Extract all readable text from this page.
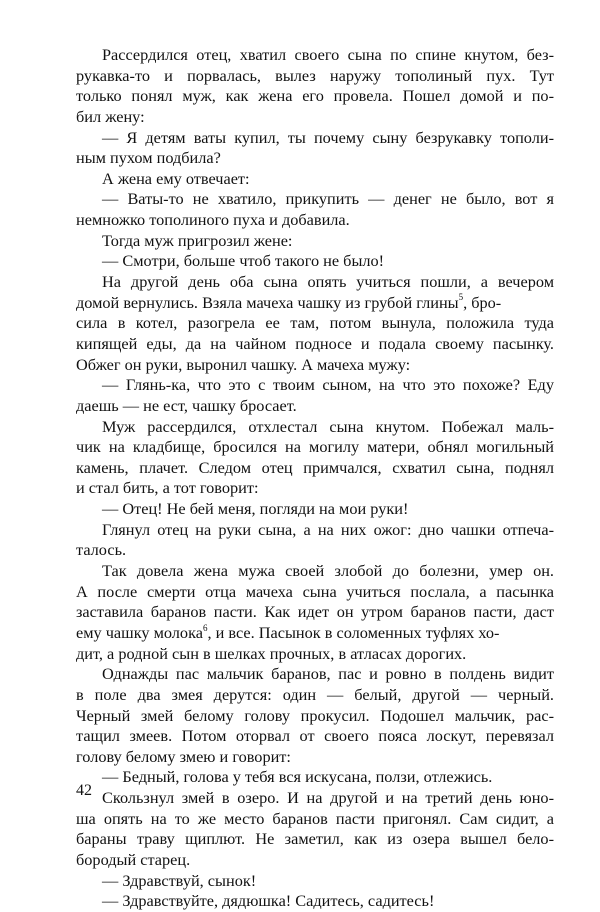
Рассердился отец, хватил своего сына по спине кнутом, без-
рукавка-то и порвалась, вылез наружу тополиный пух. Тут
только понял муж, как жена его провела. Пошел домой и по-
бил жену:
— Я детям ваты купил, ты почему сыну безрукавку тополи-
ным пухом подбила?
А жена ему отвечает:
— Ваты-то не хватило, прикупить — денег не было, вот я
немножко тополиного пуха и добавила.
Тогда муж пригрозил жене:
— Смотри, больше чтоб такого не было!
На другой день оба сына опять учиться пошли, а вечером
домой вернулись. Взяла мачеха чашку из грубой глины$^5$, бро-
сила в котел, разогрела ее там, потом вынула, положила туда
кипящей еды, да на чайном подносе и подала своему пасынку.
Обжег он руки, выронил чашку. А мачеха мужу:
— Глянь-ка, что это с твоим сыном, на что это похоже? Еду
даешь — не ест, чашку бросает.
Муж рассердился, отхлестал сына кнутом. Побежал маль-
чик на кладбище, бросился на могилу матери, обнял могильный
камень, плачет. Следом отец примчался, схватил сына, поднял
и стал бить, а тот говорит:
— Отец! Не бей меня, погляди на мои руки!
Глянул отец на руки сына, а на них ожог: дно чашки отпеча-
талось.
Так довела жена мужа своей злобой до болезни, умер он.
А после смерти отца мачеха сына учиться послала, а пасынка
заставила баранов пасти. Как идет он утром баранов пасти, даст
ему чашку молока$^6$, и все. Пасынок в соломенных туфлях хо-
дит, а родной сын в шелках прочных, в атласах дорогих.
Однажды пас мальчик баранов, пас и ровно в полдень видит
в поле два змея дерутся: один — белый, другой — черный.
Черный змей белому голову прокусил. Подошел мальчик, рас-
тащил змеев. Потом оторвал от своего пояса лоскут, перевязал
голову белому змею и говорит:
— Бедный, голова у тебя вся искусана, ползи, отлежись.
Скользнул змей в озеро. И на другой и на третий день юно-
ша опять на то же место баранов пасти пригонял. Сам сидит, а
бараны траву щиплют. Не заметил, как из озера вышел бело-
бородый старец.
— Здравствуй, сынок!
— Здравствуйте, дядюшка! Садитесь, садитесь!
42
